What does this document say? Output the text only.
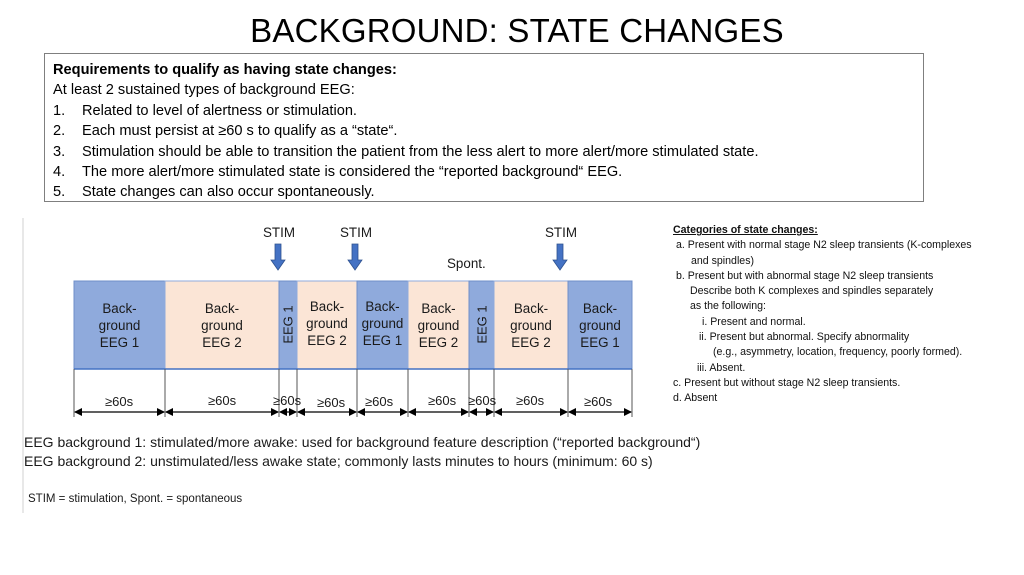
BACKGROUND: STATE CHANGES
Requirements to qualify as having state changes:
At least 2 sustained types of background EEG:
1.	Related to level of alertness or stimulation.
2.	Each must persist at ≥60 s to qualify as a “state“.
3.	Stimulation should be able to transition the patient from the less alert to more alert/more stimulated state.
4.	The more alert/more stimulated state is considered the “reported background“ EEG.
5.	State changes can also occur spontaneously.
STIM	STIM	STIM
Spont.
Back-
ground
EEG 1
Back-
ground
EEG 2	EEG 1	Back-
ground
EEG 2
Back-
ground
EEG 1
Back-
ground
EEG 2	EEG 1	Back-
ground
EEG 2
Back-
ground
EEG 1
≥60s	≥60s	≥60s ≥60s ≥60s	≥60s ≥60s ≥60s	≥60s
EEG background 1: stimulated/more awake: used for background feature description (“reported background“)
EEG background 2: unstimulated/less awake state; commonly lasts minutes to hours (minimum: 60 s)
STIM = stimulation, Spont. = spontaneous
Categories of state changes:
a. Present with normal stage N2 sleep transients (K-complexes
and spindles)
b. Present but with abnormal stage N2 sleep transients
Describe both K complexes and spindles separately
as the following:
i. Present and normal.
ii. Present but abnormal. Specify abnormality
(e.g., asymmetry, location, frequency, poorly formed).
iii. Absent.
c. Present but without stage N2 sleep transients.
d. Absent
